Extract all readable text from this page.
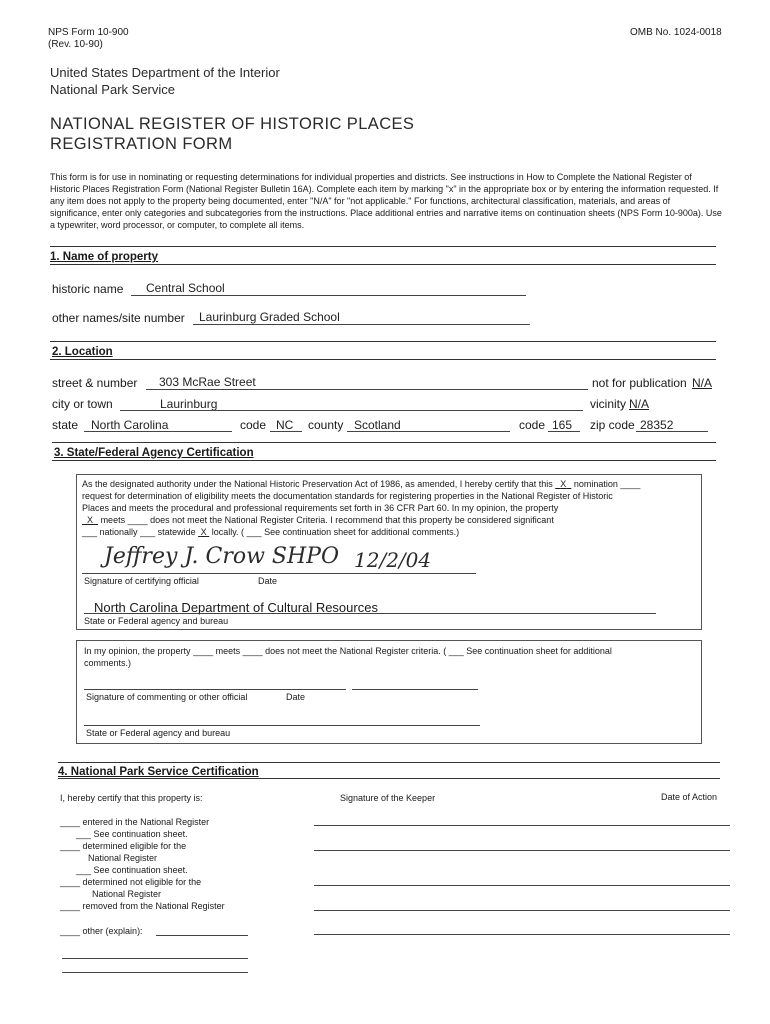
NPS Form 10-900
(Rev. 10-90)
OMB No. 1024-0018
United States Department of the Interior
National Park Service
NATIONAL REGISTER OF HISTORIC PLACES
REGISTRATION FORM
This form is for use in nominating or requesting determinations for individual properties and districts. See instructions in How to Complete the National Register of Historic Places Registration Form (National Register Bulletin 16A). Complete each item by marking "x" in the appropriate box or by entering the information requested. If any item does not apply to the property being documented, enter "N/A" for "not applicable." For functions, architectural classification, materials, and areas of significance, enter only categories and subcategories from the instructions. Place additional entries and narrative items on continuation sheets (NPS Form 10-900a). Use a typewriter, word processor, or computer, to complete all items.
1. Name of property
historic name Central School
other names/site number Laurinburg Graded School
2. Location
street & number 303 McRae Street	not for publication N/A
city or town	Laurinburg	vicinity N/A
state North Carolina	code NC county Scotland	code 165 zip code 28352
3. State/Federal Agency Certification
As the designated authority under the National Historic Preservation Act of 1986, as amended, I hereby certify that this X nomination ____
request for determination of eligibility meets the documentation standards for registering properties in the National Register of Historic
Places and meets the procedural and professional requirements set forth in 36 CFR Part 60. In my opinion, the property
X meets ____ does not meet the National Register Criteria. I recommend that this property be considered significant
___ nationally ___ statewide X locally. ( ___ See continuation sheet for additional comments.)
Jeffrey J. Crow SHPO 12/2/04
Signature of certifying official	Date
North Carolina Department of Cultural Resources
State or Federal agency and bureau
In my opinion, the property ____ meets ____ does not meet the National Register criteria. ( ___ See continuation sheet for additional
comments.)
Signature of commenting or other official	Date
State or Federal agency and bureau
4. National Park Service Certification
I, hereby certify that this property is:	Signature of the Keeper	Date of Action
____ entered in the National Register
___ See continuation sheet.
____ determined eligible for the
National Register
___ See continuation sheet.
____ determined not eligible for the
National Register
____ removed from the National Register
____ other (explain):
